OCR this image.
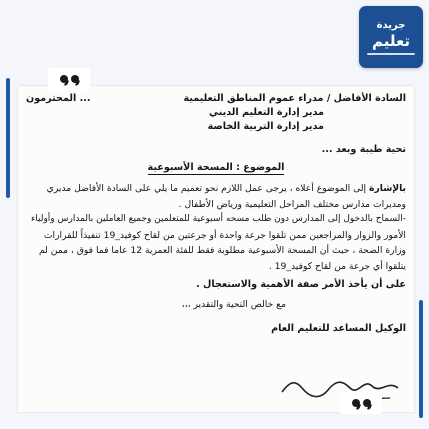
جريدة
تعليم
السادة الأفاضل / مدراء عموم المناطق التعليمية
... المحترمون
مدير إدارة التعليم الديني
مدير إدارة التربية الخاصة
تحية طيبة وبعد ...
الموضوع : المسحة الأسبوعية
بالإشارة إلى الموضوع أعلاه ، يرجى عمل اللازم نحو تعميم ما يلي على السادة الأفاضل مديري
ومديرات مدارس مختلف المراحل التعليمية ورياض الأطفال .
-السماح بالدخول إلى المدارس دون طلب مسحه أسبوعية للمتعلمين وجميع العاملين بالمدارس وأولياء
الأمور والزوار والمراجعين ممن تلقوا جرعة واحدة أو جرعتين من لقاح كوفيد_19 تنفيذاً للقرارات
وزارة الصحة ، حيث أن المسحة الأسبوعية مطلوبة فقط للفئة العمرية 12 عاما فما فوق ، ممن لم
يتلقوا أي جرعة من لقاح كوفيد_19 .
على أن يأخذ الأمر صفة الأهمية والاستعجال .
مع خالص التحية والتقدير ،،،
الوكيل المساعد للتعليم العام
